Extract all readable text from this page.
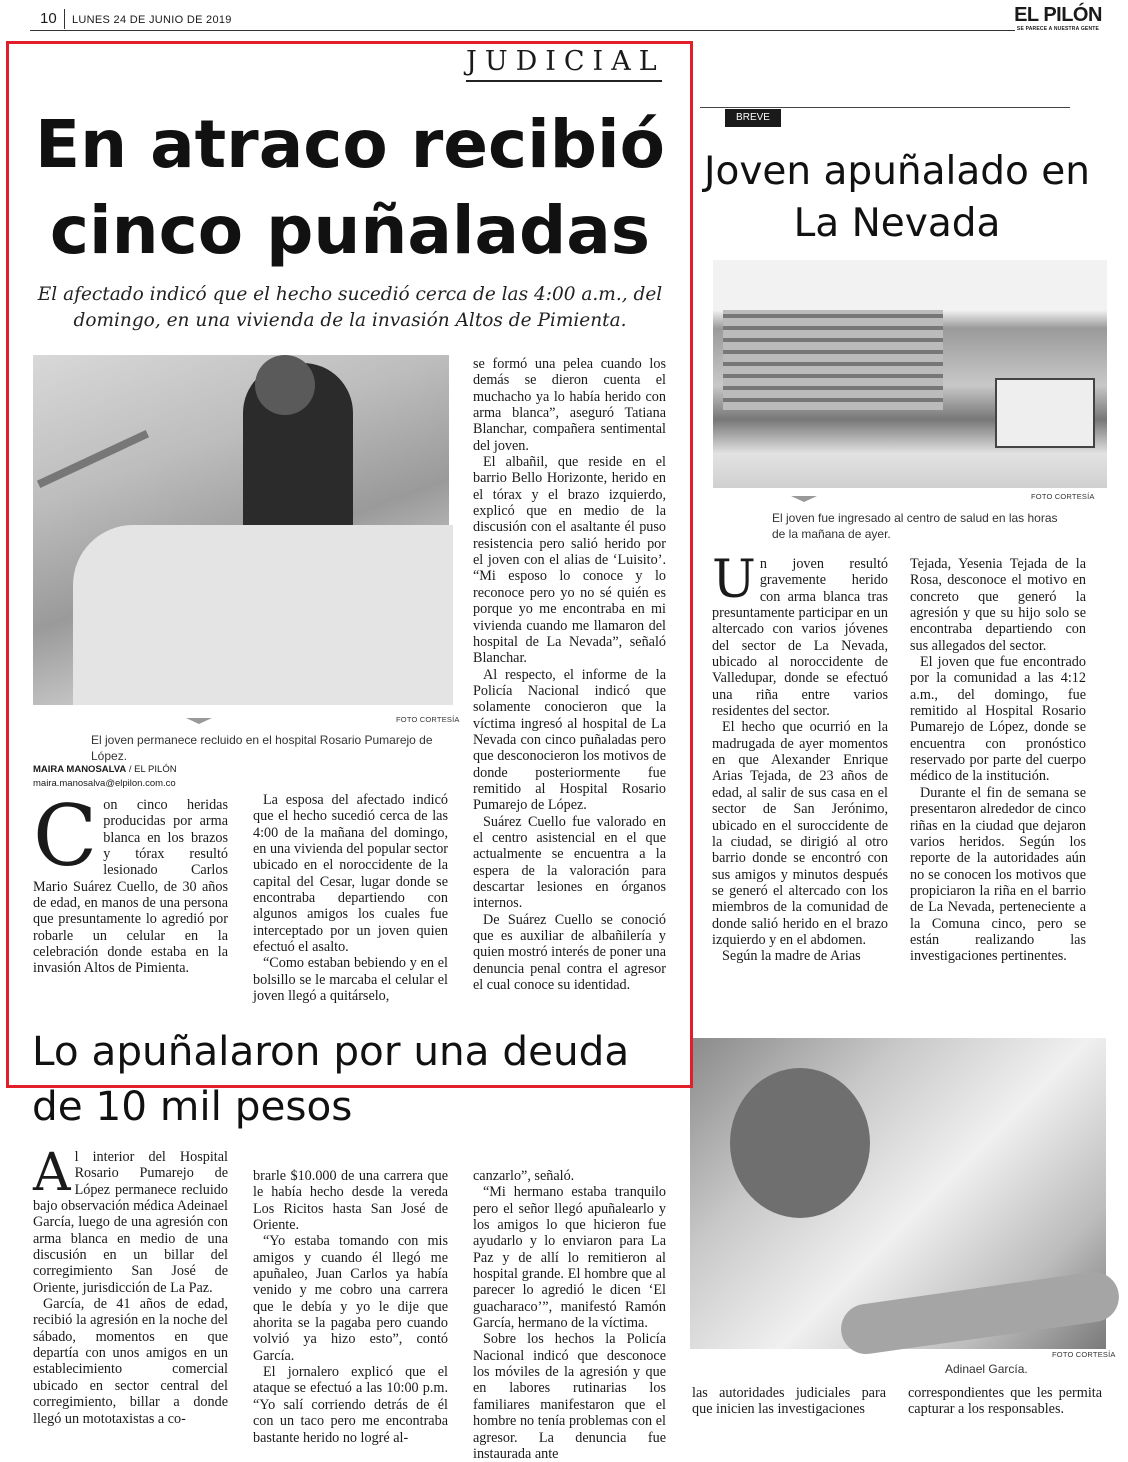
10 LUNES 24 DE JUNIO DE 2019	EL PILÓN
SE PARECE A NUESTRA GENTE
JUDICIAL
En atraco recibió cinco puñaladas
El afectado indicó que el hecho sucedió cerca de las 4:00 a.m., del domingo, en una vivienda de la invasión Altos de Pimienta.
FOTO CORTESÍA
El joven permanece recluido en el hospital Rosario Pumarejo de López.
MAIRA MANOSALVA / EL PILÓN
maira.manosalva@elpilon.com.co
C on cinco heridas producidas por arma blanca en los brazos y tórax resultó lesionado Carlos Mario Suárez Cuello, de 30 años de edad, en manos de una persona que presuntamente lo agredió por robarle un celular en la celebración donde estaba en la invasión Altos de Pimienta.

La esposa del afectado indicó que el hecho sucedió cerca de las 4:00 de la mañana del domingo, en una vivienda del popular sector ubicado en el noroccidente de la capital del Cesar, lugar donde se encontraba departiendo con algunos amigos los cuales fue interceptado por un joven quien efectuó el asalto.

“Como estaban bebiendo y en el bolsillo se le marcaba el celular el joven llegó a quitárselo,

se formó una pelea cuando los demás se dieron cuenta el muchacho ya lo había herido con arma blanca”, aseguró Tatiana Blanchar, compañera sentimental del joven.

El albañil, que reside en el barrio Bello Horizonte, herido en el tórax y el brazo izquierdo, explicó que en medio de la discusión con el asaltante él puso resistencia pero salió herido por el joven con el alias de ‘Luisito’. “Mi esposo lo conoce y lo reconoce pero yo no sé quién es porque yo me encontraba en mi vivienda cuando me llamaron del hospital de La Nevada”, señaló Blanchar.

Al respecto, el informe de la Policía Nacional indicó que solamente conocieron que la víctima ingresó al hospital de La Nevada con cinco puñaladas pero que desconocieron los motivos de donde posteriormente fue remitido al Hospital Rosario Pumarejo de López.

Suárez Cuello fue valorado en el centro asistencial en el que actualmente se encuentra a la espera de la valoración para descartar lesiones en órganos internos.

De Suárez Cuello se conoció que es auxiliar de albañilería y quien mostró interés de poner una denuncia penal contra el agresor el cual conoce su identidad.

BREVE
Joven apuñalado en La Nevada
FOTO CORTESÍA
El joven fue ingresado al centro de salud en las horas de la mañana de ayer.
U n joven resultó gravemente herido con arma blanca tras presuntamente participar en un altercado con varios jóvenes del sector de La Nevada, ubicado al noroccidente de Valledupar, donde se efectuó una riña entre varios residentes del sector.

El hecho que ocurrió en la madrugada de ayer momentos en que Alexander Enrique Arias Tejada, de 23 años de edad, al salir de sus casa en el sector de San Jerónimo, ubicado en el suroccidente de la ciudad, se dirigió al otro barrio donde se encontró con sus amigos y minutos después se generó el altercado con los miembros de la comunidad de donde salió herido en el brazo izquierdo y en el abdomen.

Según la madre de Arias

Tejada, Yesenia Tejada de la Rosa, desconoce el motivo en concreto que generó la agresión y que su hijo solo se encontraba departiendo con sus allegados del sector.

El joven que fue encontrado por la comunidad a las 4:12 a.m., del domingo, fue remitido al Hospital Rosario Pumarejo de López, donde se encuentra con pronóstico reservado por parte del cuerpo médico de la institución.

Durante el fin de semana se presentaron alrededor de cinco riñas en la ciudad que dejaron varios heridos. Según los reporte de la autoridades aún no se conocen los motivos que propiciaron la riña en el barrio de La Nevada, perteneciente a la Comuna cinco, pero se están realizando las investigaciones pertinentes.

Lo apuñalaron por una deuda de 10 mil pesos
FOTO CORTESÍA
Adinael García.
A l interior del Hospital Rosario Pumarejo de López permanece recluido bajo observación médica Adeinael García, luego de una agresión con arma blanca en medio de una discusión en un billar del corregimiento San José de Oriente, jurisdicción de La Paz.

García, de 41 años de edad, recibió la agresión en la noche del sábado, momentos en que departía con unos amigos en un establecimiento comercial ubicado en sector central del corregimiento, billar a donde llegó un mototaxistas a co-

brarle $10.000 de una carrera que le había hecho desde la vereda Los Ricitos hasta San José de Oriente.

“Yo estaba tomando con mis amigos y cuando él llegó me apuñaleo, Juan Carlos ya había venido y me cobro una carrera que le debía y yo le dije que ahorita se la pagaba pero cuando volvió ya hizo esto”, contó García.

El jornalero explicó que el ataque se efectuó a las 10:00 p.m. “Yo salí corriendo detrás de él con un taco pero me encontraba bastante herido no logré al-

canzarlo”, señaló.

“Mi hermano estaba tranquilo pero el señor llegó apuñalearlo y los amigos lo que hicieron fue ayudarlo y lo enviaron para La Paz y de allí lo remitieron al hospital grande. El hombre que al parecer lo agredió le dicen ‘El guacharaco’”, manifestó Ramón García, hermano de la víctima.

Sobre los hechos la Policía Nacional indicó que desconoce los móviles de la agresión y que en labores rutinarias los familiares manifestaron que el hombre no tenía problemas con el agresor. La denuncia fue instaurada ante

las autoridades judiciales para que inicien las investigaciones

correspondientes que les permita capturar a los responsables.
